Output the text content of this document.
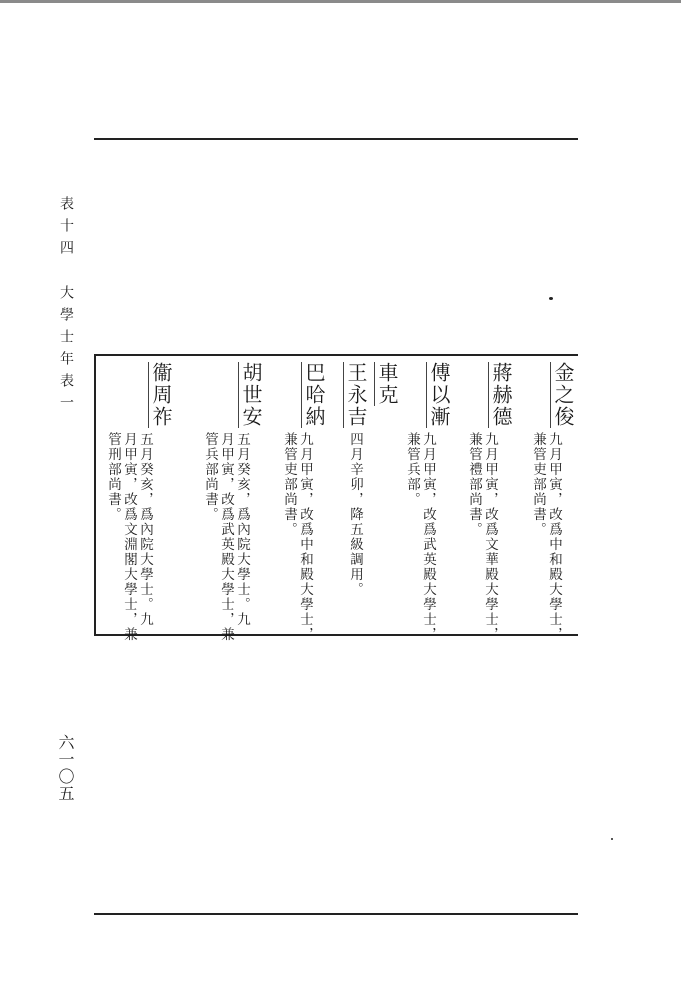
表十四
大學士年表一
六一〇五
金之俊
九月甲寅，改爲中和殿大學士，
兼管吏部尚書。
蔣赫德
九月甲寅，改爲文華殿大學士，
兼管禮部尚書。
傅以漸
九月甲寅，改爲武英殿大學士，
兼管兵部。
車克
王永吉
四月辛卯，降五級調用。
巴哈納
九月甲寅，改爲中和殿大學士，
兼管吏部尚書。
胡世安
五月癸亥，爲內院大學士。九
月甲寅，改爲武英殿大學士，兼
管兵部尚書。
衞周祚
五月癸亥，爲內院大學士。九
月甲寅，改爲文淵閣大學士，兼
管刑部尚書。
